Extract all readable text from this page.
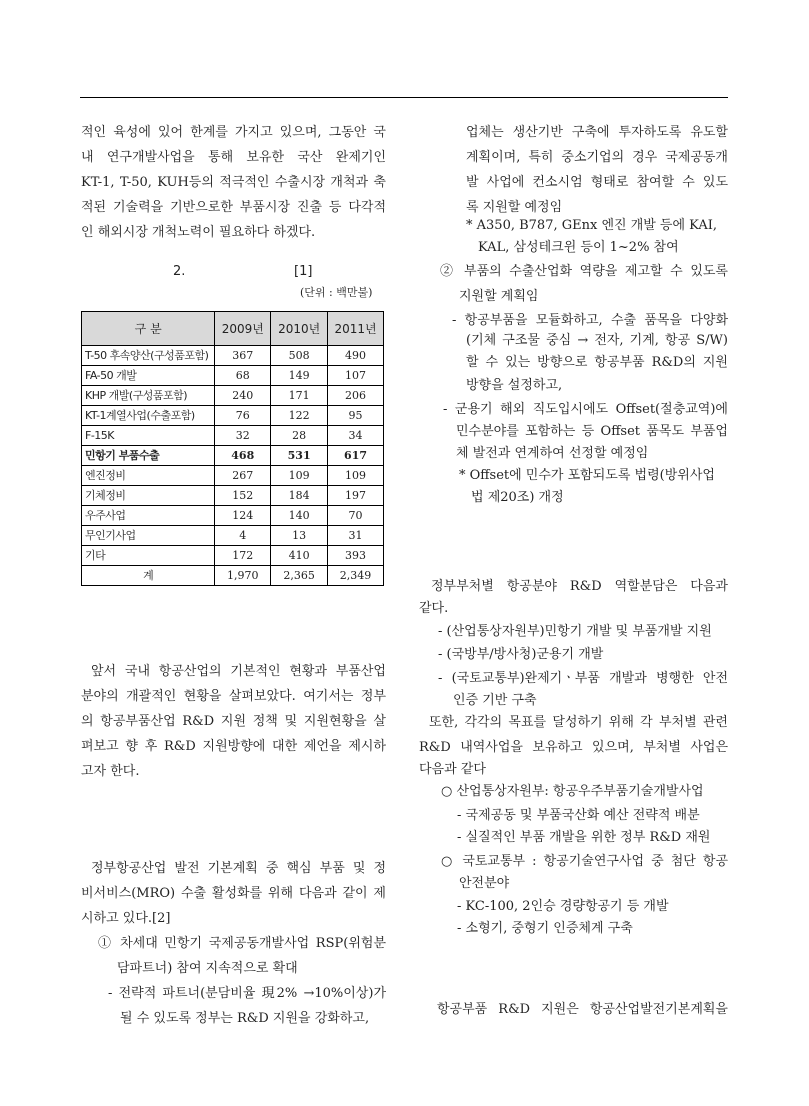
적인 육성에 있어 한계를 가지고 있으며, 그동안 국
내 연구개발사업을 통해 보유한 국산 완제기인
KT-1, T-50, KUH등의 적극적인 수출시장 개척과 축
적된 기술력을 기반으로한 부품시장 진출 등 다각적
인 해외시장 개척노력이 필요하다 하겠다.
2.	[1]
(단위 : 백만불)
구 분	2009년	2010년	2011년
T-50 후속양산(구성품포함)	367	508	490
FA-50 개발	68	149	107
KHP 개발(구성품포함)	240	171	206
KT-1계열사업(수출포함)	76	122	95
F-15K	32	28	34
민항기 부품수출	468	531	617
엔진정비	267	109	109
기체정비	152	184	197
우주사업	124	140	70
무인기사업	4	13	31
기타	172	410	393
계	1,970	2,365	2,349
앞서 국내 항공산업의 기본적인 현황과 부품산업
분야의 개괄적인 현황을 살펴보았다. 여기서는 정부
의 항공부품산업 R&D 지원 정책 및 지원현황을 살
펴보고 향 후 R&D 지원방향에 대한 제언을 제시하
고자 한다.
정부항공산업 발전 기본계획 중 핵심 부품 및 정
비서비스(MRO) 수출 활성화를 위해 다음과 같이 제
시하고 있다.[2]
① 차세대 민항기 국제공동개발사업 RSP(위험분
담파트너) 참여 지속적으로 확대
- 전략적 파트너(분담비율 現2% →10%이상)가
될 수 있도록 정부는 R&D 지원을 강화하고,
업체는 생산기반 구축에 투자하도록 유도할
계획이며, 특히 중소기업의 경우 국제공동개
발 사업에 컨소시엄 형태로 참여할 수 있도
록 지원할 예정임
* A350, B787, GEnx 엔진 개발 등에 KAI,
KAL, 삼성테크윈 등이 1~2% 참여
② 부품의 수출산업화 역량을 제고할 수 있도록
지원할 계획임
- 항공부품을 모듈화하고, 수출 품목을 다양화
(기체 구조물 중심 → 전자, 기계, 항공 S/W)
할 수 있는 방향으로 항공부품 R&D의 지원
방향을 설정하고,
- 군용기 해외 직도입시에도 Offset(절충교역)에
민수분야를 포함하는 등 Offset 품목도 부품업
체 발전과 연계하여 선정할 예정임
* Offset에 민수가 포함되도록 법령(방위사업
법 제20조) 개정
정부부처별 항공분야 R&D 역할분담은 다음과
같다.
- (산업통상자원부)민항기 개발 및 부품개발 지원
- (국방부/방사청)군용기 개발
- (국토교통부)완제기ㆍ부품 개발과 병행한 안전
인증 기반 구축
또한, 각각의 목표를 달성하기 위해 각 부처별 관련
R&D 내역사업을 보유하고 있으며, 부처별 사업은
다음과 같다
○ 산업통상자원부: 항공우주부품기술개발사업
- 국제공동 및 부품국산화 예산 전략적 배분
- 실질적인 부품 개발을 위한 정부 R&D 재원
○ 국토교통부 : 항공기술연구사업 중 첨단 항공
안전분야
- KC-100, 2인승 경량항공기 등 개발
- 소형기, 중형기 인증체계 구축
항공부품 R&D 지원은 항공산업발전기본계획을
